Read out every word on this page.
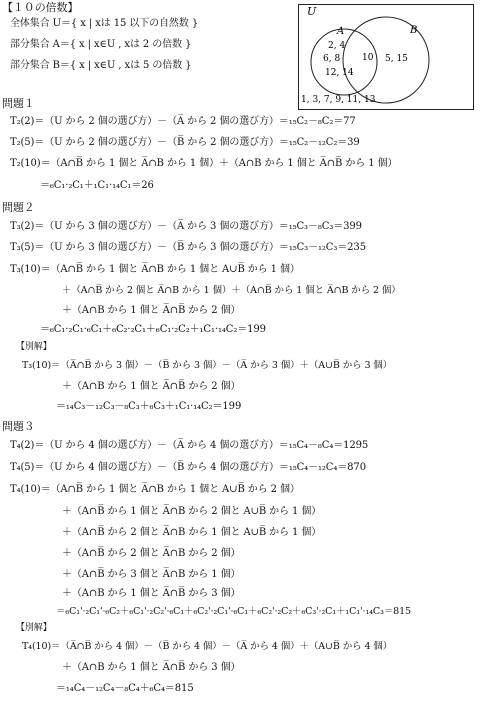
【１０の倍数】
全体集合 U＝{ x | xは 15 以下の自然数 }
部分集合 A＝{ x | x∈U , xは 2 の倍数 }
部分集合 B＝{ x | x∈U , xは 5 の倍数 }
U
A	B
2, 4
6, 8
12, 14
10 5, 15
1, 3, 7, 9, 11, 13
問題１
T₂(2)＝（U から 2 個の選び方）－（A̅ から 2 個の選び方）＝₁₅C₂－₈C₂＝77
T₂(5)＝（U から 2 個の選び方）－（B̅ から 2 個の選び方）＝₁₅C₂－₁₂C₂＝39
T₂(10)＝（A∩B̅ から 1 個と A̅∩B から 1 個）＋（A∩B から 1 個と A̅∩B̅ から 1 個）
＝₆C₁·₂C₁＋₁C₁·₁₄C₁＝26
問題２
T₃(2)＝（U から 3 個の選び方）－（A̅ から 3 個の選び方）＝₁₅C₃－₈C₃＝399
T₃(5)＝（U から 3 個の選び方）－（B̅ から 3 個の選び方）＝₁₅C₃－₁₂C₃＝235
T₃(10)＝（A∩B̅ から 1 個と A̅∩B から 1 個と A∪B̅ から 1 個）
＋（A∩B̅ から 2 個と A̅∩B から 1 個）＋（A∩B̅ から 1 個と A̅∩B から 2 個）
＋（A∩B から 1 個と A̅∩B̅ から 2 個）
＝₆C₁·₂C₁·₆C₁＋₆C₂·₂C₁＋₆C₁·₂C₂＋₁C₁·₁₄C₂＝199
【別解】
T₃(10)＝（A̅∩B̅ から 3 個）－（B̅ から 3 個）－（A̅ から 3 個）＋（A∪B̅ から 3 個）
＋（A∩B から 1 個と A̅∩B̅ から 2 個）
＝₁₄C₃－₁₂C₃－₈C₃＋₆C₃＋₁C₁·₁₄C₂＝199
問題３
T₄(2)＝（U から 4 個の選び方）－（A̅ から 4 個の選び方）＝₁₅C₄－₈C₄＝1295
T₄(5)＝（U から 4 個の選び方）－（B̅ から 4 個の選び方）＝₁₅C₄－₁₂C₄＝870
T₄(10)＝（A∩B̅ から 1 個と A̅∩B から 1 個と A∪B̅ から 2 個）
＋（A∩B̅ から 1 個と A̅∩B から 2 個と A∪B̅ から 1 個）
＋（A∩B̅ から 2 個と A̅∩B から 1 個と A∪B̅ から 1 個）
＋（A∩B̅ から 2 個と A̅∩B から 2 個）
＋（A∩B̅ から 3 個と A̅∩B から 1 個）
＋（A∩B から 1 個と A̅∩B̅ から 3 個）
＝₆C₁'·₂C₁'·₆C₂＋₆C₁'·₂C₂'·₆C₁＋₆C₂'·₂C₁'·₆C₁＋₆C₂'·₂C₂＋₆C₃'·₂C₁＋₁C₁'·₁₄C₃＝815
【別解】
T₄(10)＝（A̅∩B̅ から 4 個）－（B̅ から 4 個）－（A̅ から 4 個）＋（A∪B̅ から 4 個）
＋（A∩B から 1 個と A̅∩B̅ から 3 個）
＝₁₄C₄－₁₂C₄－₈C₄＋₆C₄＝815
